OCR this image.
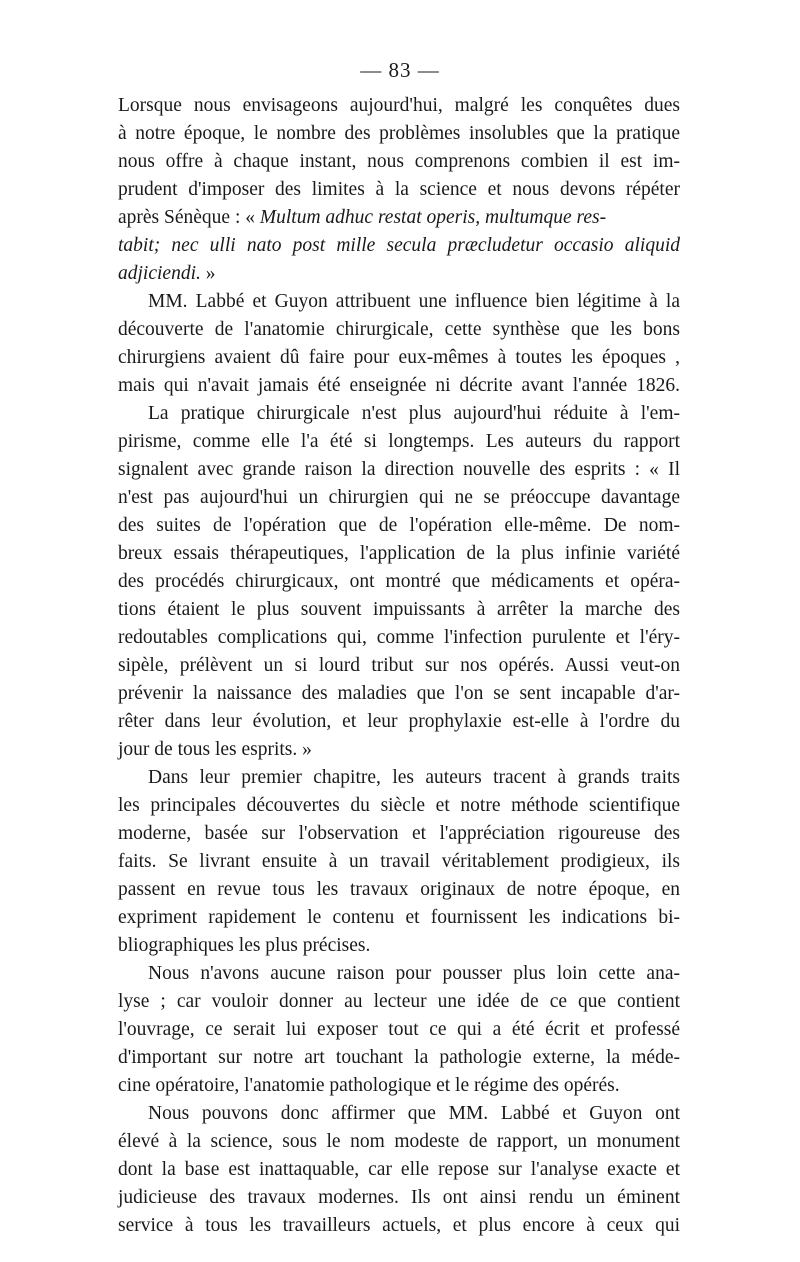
— 83 —
Lorsque nous envisageons aujourd'hui, malgré les conquêtes dues
à notre époque, le nombre des problèmes insolubles que la pratique
nous offre à chaque instant, nous comprenons combien il est im-
prudent d'imposer des limites à la science et nous devons répéter
après Sénèque : « Multum adhuc restat operis, multumque res-
tabit; nec ulli nato post mille secula præcludetur occasio aliquid
adjiciendi. »
MM. Labbé et Guyon attribuent une influence bien légitime à la
découverte de l'anatomie chirurgicale, cette synthèse que les bons
chirurgiens avaient dû faire pour eux-mêmes à toutes les époques ,
mais qui n'avait jamais été enseignée ni décrite avant l'année 1826.
La pratique chirurgicale n'est plus aujourd'hui réduite à l'em-
pirisme, comme elle l'a été si longtemps. Les auteurs du rapport
signalent avec grande raison la direction nouvelle des esprits : « Il
n'est pas aujourd'hui un chirurgien qui ne se préoccupe davantage
des suites de l'opération que de l'opération elle-même. De nom-
breux essais thérapeutiques, l'application de la plus infinie variété
des procédés chirurgicaux, ont montré que médicaments et opéra-
tions étaient le plus souvent impuissants à arrêter la marche des
redoutables complications qui, comme l'infection purulente et l'éry-
sipèle, prélèvent un si lourd tribut sur nos opérés. Aussi veut-on
prévenir la naissance des maladies que l'on se sent incapable d'ar-
rêter dans leur évolution, et leur prophylaxie est-elle à l'ordre du
jour de tous les esprits. »
Dans leur premier chapitre, les auteurs tracent à grands traits
les principales découvertes du siècle et notre méthode scientifique
moderne, basée sur l'observation et l'appréciation rigoureuse des
faits. Se livrant ensuite à un travail véritablement prodigieux, ils
passent en revue tous les travaux originaux de notre époque, en
expriment rapidement le contenu et fournissent les indications bi-
bliographiques les plus précises.
Nous n'avons aucune raison pour pousser plus loin cette ana-
lyse ; car vouloir donner au lecteur une idée de ce que contient
l'ouvrage, ce serait lui exposer tout ce qui a été écrit et professé
d'important sur notre art touchant la pathologie externe, la méde-
cine opératoire, l'anatomie pathologique et le régime des opérés.
Nous pouvons donc affirmer que MM. Labbé et Guyon ont
élevé à la science, sous le nom modeste de rapport, un monument
dont la base est inattaquable, car elle repose sur l'analyse exacte et
judicieuse des travaux modernes. Ils ont ainsi rendu un éminent
service à tous les travailleurs actuels, et plus encore à ceux qui
